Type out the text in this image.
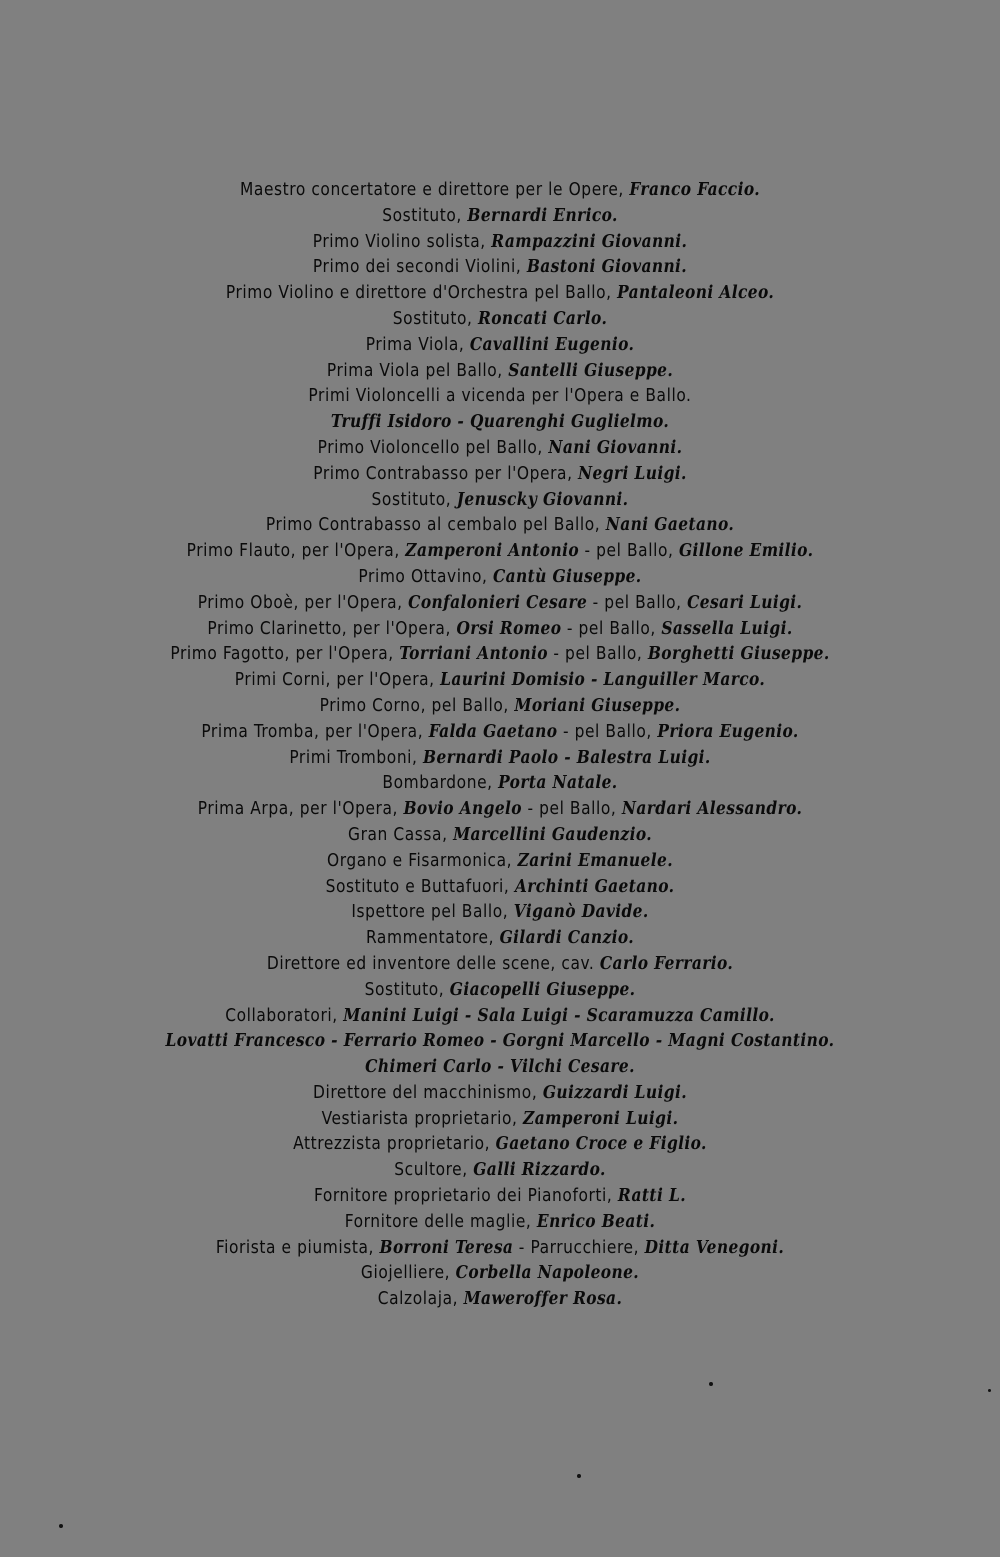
Maestro concertatore e direttore per le Opere, Franco Faccio.
Sostituto, Bernardi Enrico.
Primo Violino solista, Rampazzini Giovanni.
Primo dei secondi Violini, Bastoni Giovanni.
Primo Violino e direttore d'Orchestra pel Ballo, Pantaleoni Alceo.
Sostituto, Roncati Carlo.
Prima Viola, Cavallini Eugenio.
Prima Viola pel Ballo, Santelli Giuseppe.
Primi Violoncelli a vicenda per l'Opera e Ballo.
Truffi Isidoro - Quarenghi Guglielmo.
Primo Violoncello pel Ballo, Nani Giovanni.
Primo Contrabasso per l'Opera, Negri Luigi.
Sostituto, Jenuscky Giovanni.
Primo Contrabasso al cembalo pel Ballo, Nani Gaetano.
Primo Flauto, per l'Opera, Zamperoni Antonio - pel Ballo, Gillone Emilio.
Primo Ottavino, Cantù Giuseppe.
Primo Oboè, per l'Opera, Confalonieri Cesare - pel Ballo, Cesari Luigi.
Primo Clarinetto, per l'Opera, Orsi Romeo - pel Ballo, Sassella Luigi.
Primo Fagotto, per l'Opera, Torriani Antonio - pel Ballo, Borghetti Giuseppe.
Primi Corni, per l'Opera, Laurini Domisio - Languiller Marco.
Primo Corno, pel Ballo, Moriani Giuseppe.
Prima Tromba, per l'Opera, Falda Gaetano - pel Ballo, Priora Eugenio.
Primi Tromboni, Bernardi Paolo - Balestra Luigi.
Bombardone, Porta Natale.
Prima Arpa, per l'Opera, Bovio Angelo - pel Ballo, Nardari Alessandro.
Gran Cassa, Marcellini Gaudenzio.
Organo e Fisarmonica, Zarini Emanuele.
Sostituto e Buttafuori, Archinti Gaetano.
Ispettore pel Ballo, Viganò Davide.
Rammentatore, Gilardi Canzio.
Direttore ed inventore delle scene, cav. Carlo Ferrario.
Sostituto, Giacopelli Giuseppe.
Collaboratori, Manini Luigi - Sala Luigi - Scaramuzza Camillo.
Lovatti Francesco - Ferrario Romeo - Gorgni Marcello - Magni Costantino.
Chimeri Carlo - Vilchi Cesare.
Direttore del macchinismo, Guizzardi Luigi.
Vestiarista proprietario, Zamperoni Luigi.
Attrezzista proprietario, Gaetano Croce e Figlio.
Scultore, Galli Rizzardo.
Fornitore proprietario dei Pianoforti, Ratti L.
Fornitore delle maglie, Enrico Beati.
Fiorista e piumista, Borroni Teresa - Parrucchiere, Ditta Venegoni.
Giojelliere, Corbella Napoleone.
Calzolaja, Maweroffer Rosa.
